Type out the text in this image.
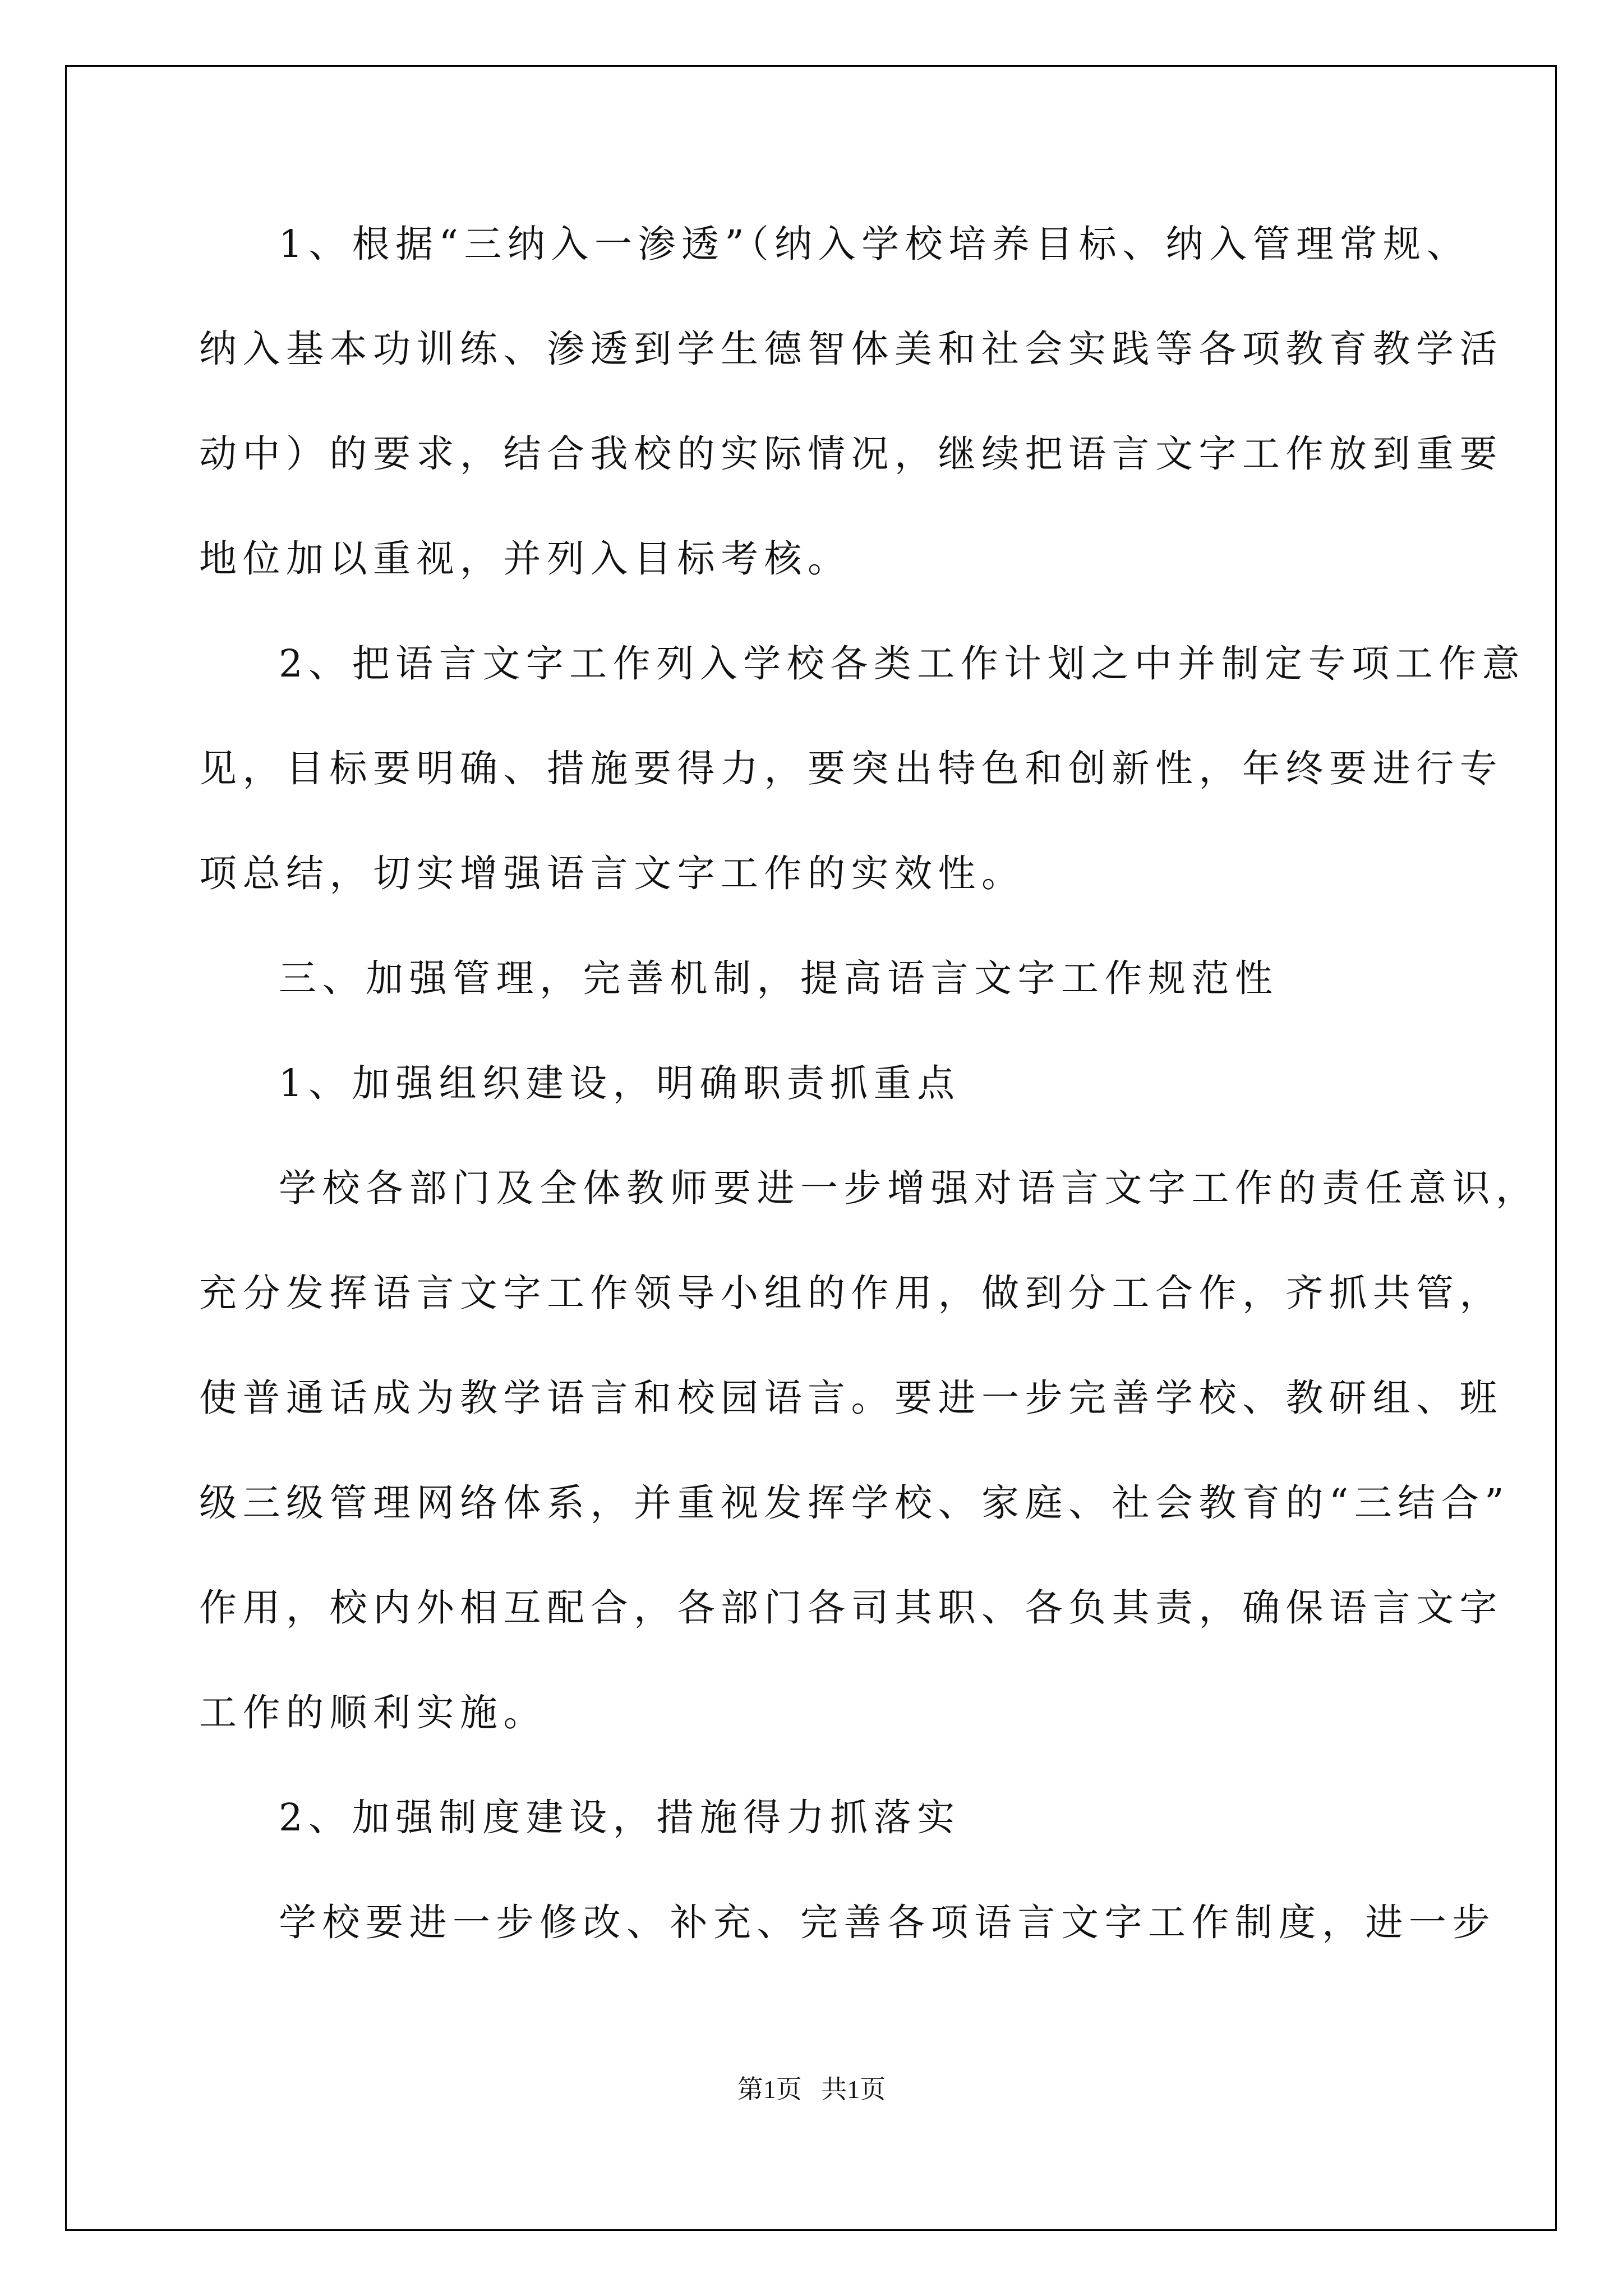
1、根据“三纳入一渗透”（纳入学校培养目标、纳入管理常规、
纳入基本功训练、渗透到学生德智体美和社会实践等各项教育教学活
动中）的要求，结合我校的实际情况，继续把语言文字工作放到重要
地位加以重视，并列入目标考核。
2、把语言文字工作列入学校各类工作计划之中并制定专项工作意
见，目标要明确、措施要得力，要突出特色和创新性，年终要进行专
项总结，切实增强语言文字工作的实效性。
三、加强管理，完善机制，提高语言文字工作规范性
1、加强组织建设，明确职责抓重点
学校各部门及全体教师要进一步增强对语言文字工作的责任意识，
充分发挥语言文字工作领导小组的作用，做到分工合作，齐抓共管，
使普通话成为教学语言和校园语言。要进一步完善学校、教研组、班
级三级管理网络体系，并重视发挥学校、家庭、社会教育的“三结合”
作用，校内外相互配合，各部门各司其职、各负其责，确保语言文字
工作的顺利实施。
2、加强制度建设，措施得力抓落实
学校要进一步修改、补充、完善各项语言文字工作制度，进一步
第1页   共1页
